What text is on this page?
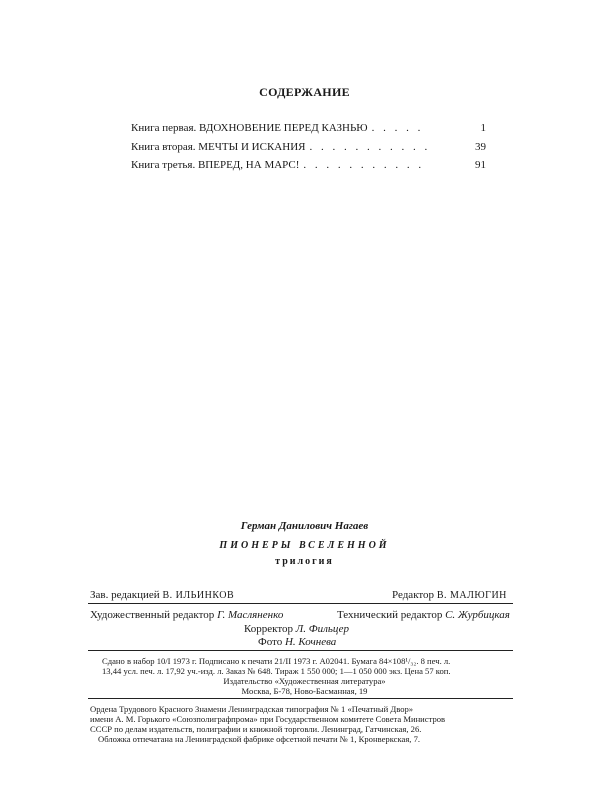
СОДЕРЖАНИЕ
Книга первая. ВДОХНОВЕНИЕ ПЕРЕД КАЗНЬЮ . . . . .	1
Книга вторая. МЕЧТЫ И ИСКАНИЯ . . . . . . . . . . .	39
Книга третья. ВПЕРЕД, НА МАРС! . . . . . . . . . . .	91
Герман Данилович Нагаев
ПИОНЕРЫ ВСЕЛЕННОЙ
трилогия
Зав. редакцией В. ИЛЬИНКОВ	Редактор В. МАЛЮГИН
Художественный редактор Г. Масляненко	Технический редактор С. Журбицкая
Корректор Л. Фильцер
Фото Н. Кочнева
Сдано в набор 10/I 1973 г. Подписано к печати 21/II 1973 г. А02041. Бумага 84×108¹/₃₂. 8 печ. л.
13,44 усл. печ. л. 17,92 уч.-изд. л. Заказ № 648. Тираж 1 550 000; 1—1 050 000 экз. Цена 57 коп.
Издательство «Художественная литература»
Москва, Б-78, Ново-Басманная, 19
Ордена Трудового Красного Знамени Ленинградская типография № 1 «Печатный Двор»
имени А. М. Горького «Союзполиграфпрома» при Государственном комитете Совета Министров
СССР по делам издательств, полиграфии и книжной торговли. Ленинград, Гатчинская, 26.
Обложка отпечатана на Ленинградской фабрике офсетной печати № 1, Кронверкская, 7.
